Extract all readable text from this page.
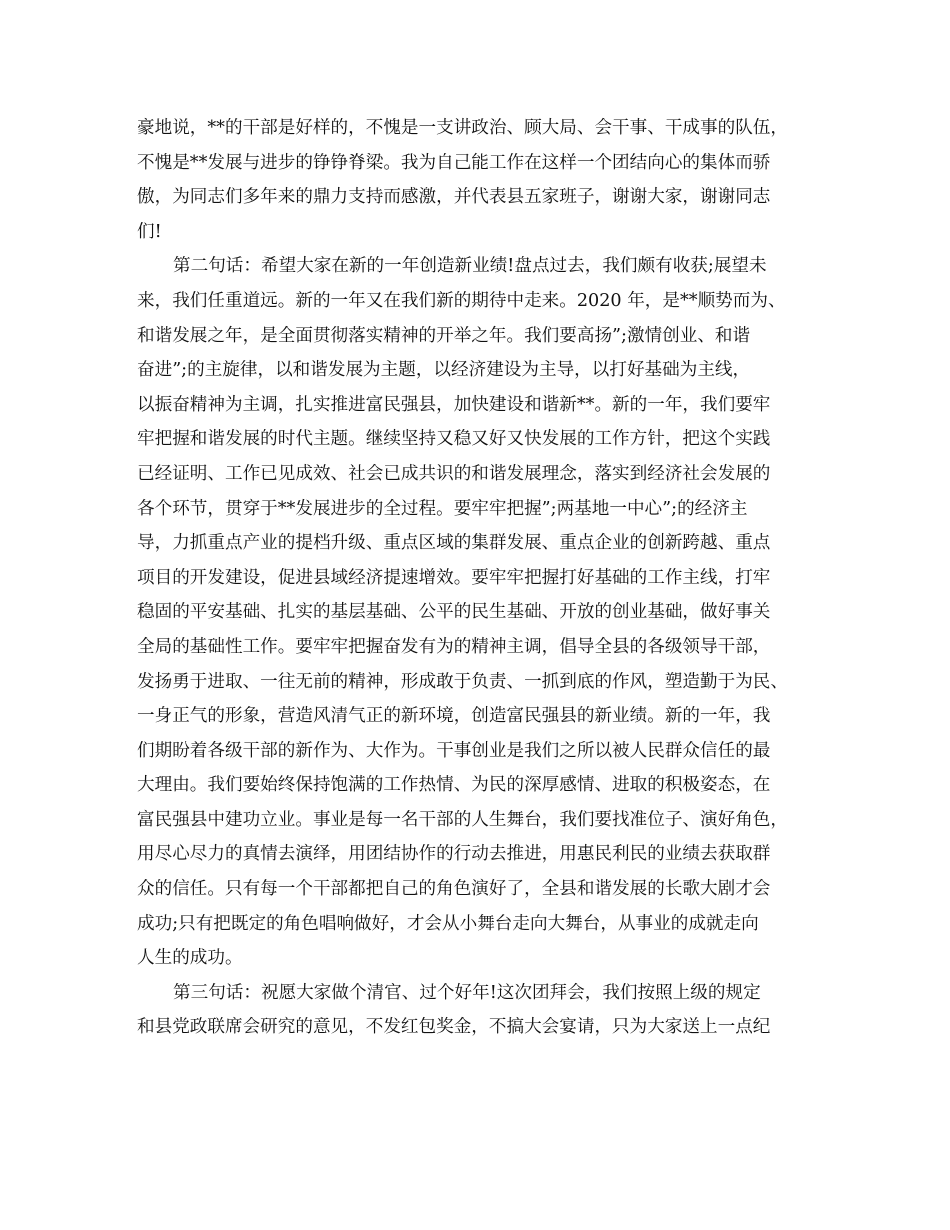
豪地说，**的干部是好样的，不愧是一支讲政治、顾大局、会干事、干成事的队伍，
不愧是**发展与进步的铮铮脊梁。我为自己能工作在这样一个团结向心的集体而骄
傲，为同志们多年来的鼎力支持而感激，并代表县五家班子，谢谢大家，谢谢同志
们!
第二句话：希望大家在新的一年创造新业绩!盘点过去，我们颇有收获;展望未
来，我们任重道远。新的一年又在我们新的期待中走来。2020 年，是**顺势而为、
和谐发展之年，是全面贯彻落实精神的开举之年。我们要高扬”;激情创业、和谐
奋进”;的主旋律，以和谐发展为主题，以经济建设为主导，以打好基础为主线，
以振奋精神为主调，扎实推进富民强县，加快建设和谐新**。新的一年，我们要牢
牢把握和谐发展的时代主题。继续坚持又稳又好又快发展的工作方针，把这个实践
已经证明、工作已见成效、社会已成共识的和谐发展理念，落实到经济社会发展的
各个环节，贯穿于**发展进步的全过程。要牢牢把握”;两基地一中心”;的经济主
导，力抓重点产业的提档升级、重点区域的集群发展、重点企业的创新跨越、重点
项目的开发建设，促进县域经济提速增效。要牢牢把握打好基础的工作主线，打牢
稳固的平安基础、扎实的基层基础、公平的民生基础、开放的创业基础，做好事关
全局的基础性工作。要牢牢把握奋发有为的精神主调，倡导全县的各级领导干部，
发扬勇于进取、一往无前的精神，形成敢于负责、一抓到底的作风，塑造勤于为民、
一身正气的形象，营造风清气正的新环境，创造富民强县的新业绩。新的一年，我
们期盼着各级干部的新作为、大作为。干事创业是我们之所以被人民群众信任的最
大理由。我们要始终保持饱满的工作热情、为民的深厚感情、进取的积极姿态，在
富民强县中建功立业。事业是每一名干部的人生舞台，我们要找准位子、演好角色，
用尽心尽力的真情去演绎，用团结协作的行动去推进，用惠民利民的业绩去获取群
众的信任。只有每一个干部都把自己的角色演好了，全县和谐发展的长歌大剧才会
成功;只有把既定的角色唱响做好，才会从小舞台走向大舞台，从事业的成就走向
人生的成功。
第三句话：祝愿大家做个清官、过个好年!这次团拜会，我们按照上级的规定
和县党政联席会研究的意见，不发红包奖金，不搞大会宴请，只为大家送上一点纪
